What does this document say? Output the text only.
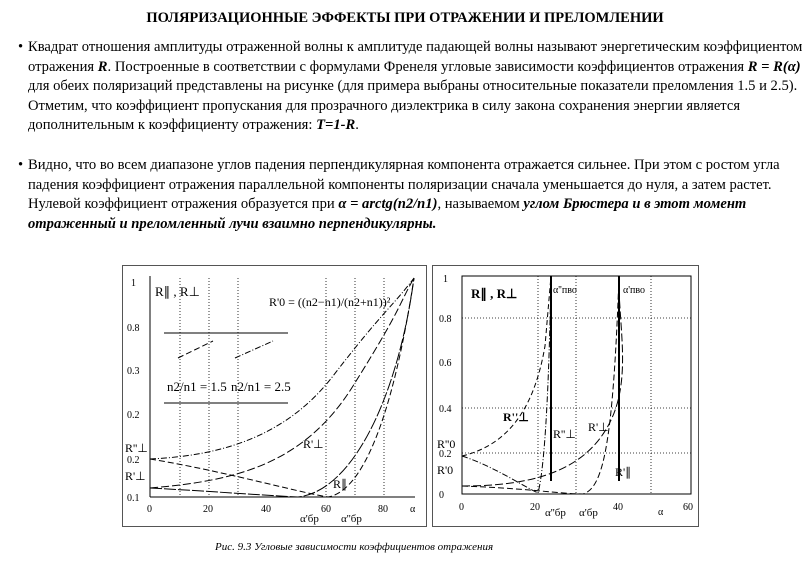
ПОЛЯРИЗАЦИОННЫЕ ЭФФЕКТЫ ПРИ ОТРАЖЕНИИ И ПРЕЛОМЛЕНИИ
• Квадрат отношения амплитуды отраженной волны к амплитуде падающей волны называют энергетическим коэффициентом отражения R. Построенные в соответствии с формулами Френеля угловые зависимости коэффициентов отражения R = R(α) для обеих поляризаций представлены на рисунке (для примера выбраны относительные показатели преломления 1.5 и 2.5). Отметим, что коэффициент пропускания для прозрачного диэлектрика в силу закона сохранения энергии является дополнительным к коэффициенту отражения: T=1-R.
• Видно, что во всем диапазоне углов падения перпендикулярная компонента отражается сильнее. При этом с ростом угла падения коэффициент отражения параллельной компоненты поляризации сначала уменьшается до нуля, а затем растет. Нулевой коэффициент отражения образуется при α = arctg(n2/n1), называемом углом Брюстера и в этот момент отраженный и преломленный лучи взаимно перпендикулярны.
1
0.8
0.3
0.2
0.2
0.1
0	20	40	60	80 α
R∥ , R⊥
R'0 = ((n2−n1)/(n2+n1))²
n2/n1 = 1.5 n2/n1 = 2.5
R''⊥
R'⊥
R'⊥
R∥
α'бр α''бр
1
0.8
0.6
0.4
0.2
0
0	20	40	60
α
R∥ , R⊥	α''пво	α'пво
R''⊥
R''⊥ R'⊥
R''0
R'0	R'∥
α''бр α'бр
Рис. 9.3 Угловые зависимости коэффициентов отражения
